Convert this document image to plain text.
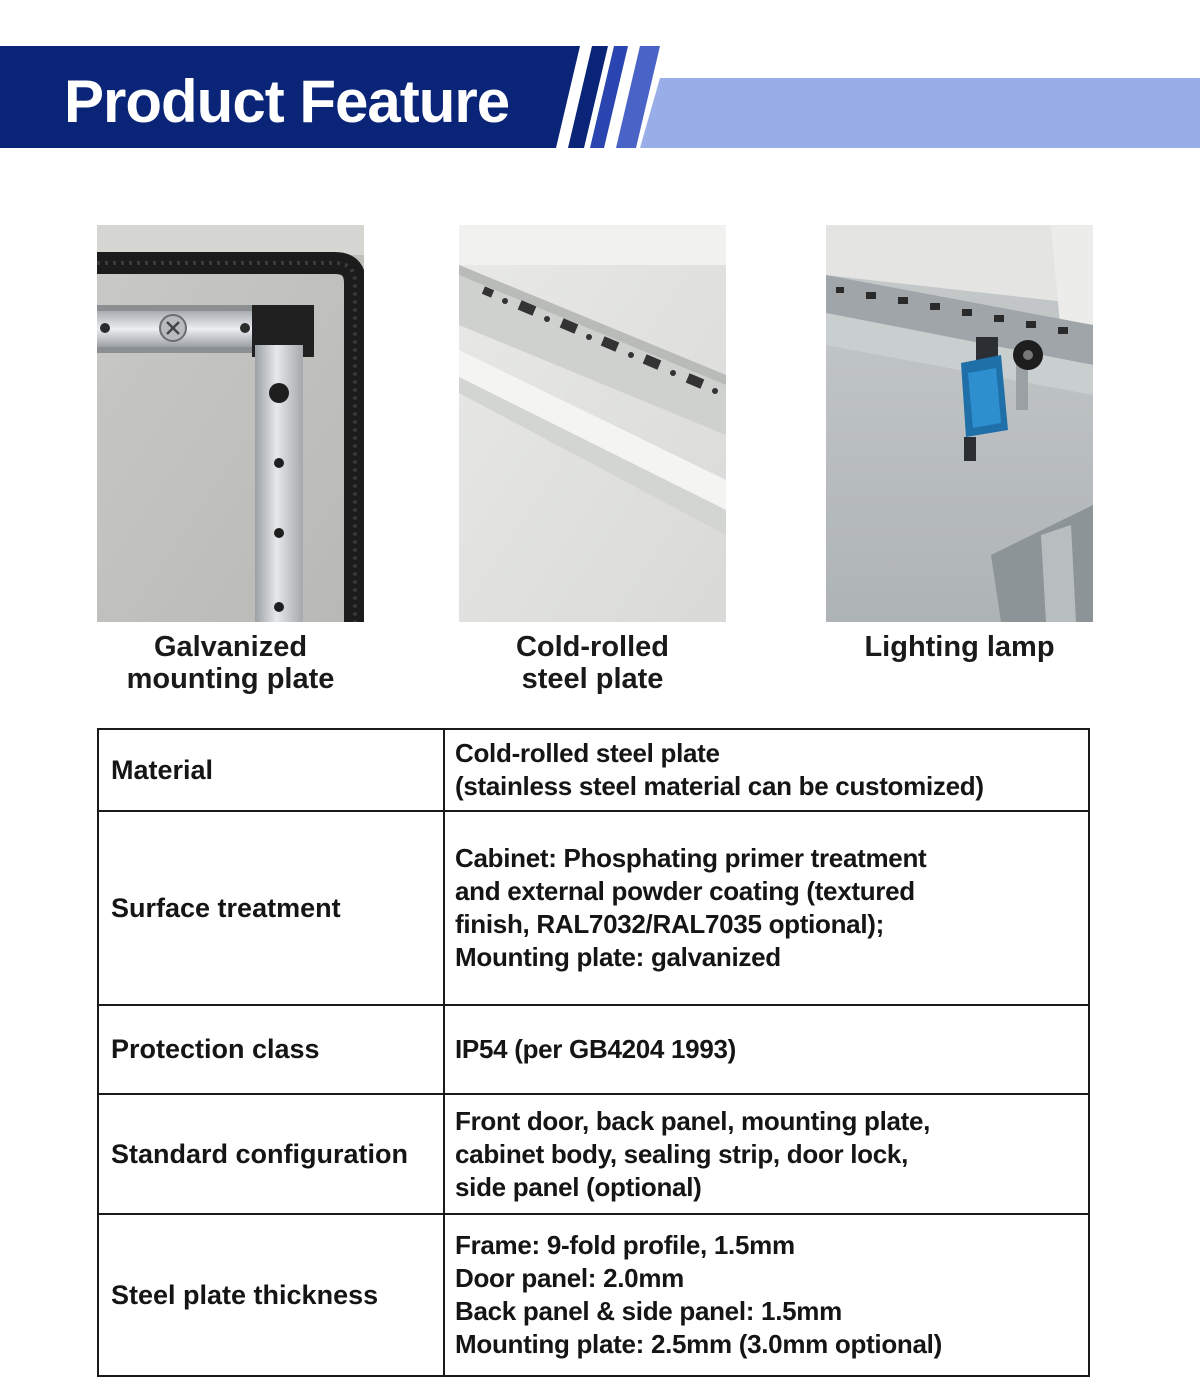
Product Feature
Galvanized
mounting plate
Cold-rolled
steel plate
Lighting lamp
Material	Cold-rolled steel plate
(stainless steel material can be customized)

Surface treatment	Cabinet: Phosphating primer treatment
and external powder coating (textured
finish, RAL7032/RAL7035 optional);
Mounting plate: galvanized

Protection class	IP54 (per GB4204 1993)

Standard configuration	Front door, back panel, mounting plate,
cabinet body, sealing strip, door lock,
side panel (optional)

Steel plate thickness	Frame: 9-fold profile, 1.5mm
Door panel: 2.0mm
Back panel & side panel: 1.5mm
Mounting plate: 2.5mm (3.0mm optional)
